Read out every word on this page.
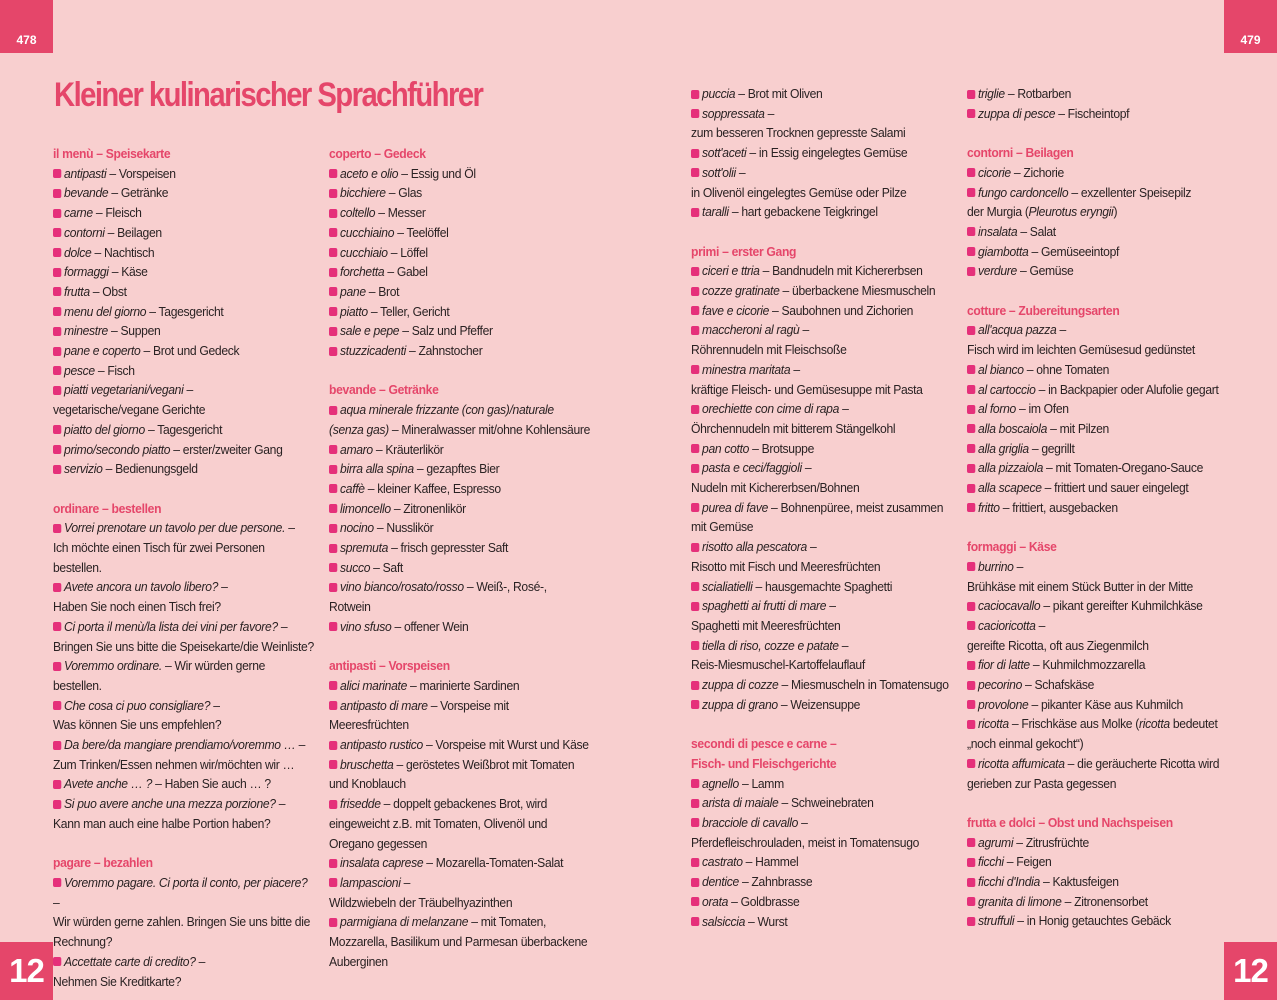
478	479
12	12
Kleiner kulinarischer Sprachführer
il menù – Speisekarte
antipasti – Vorspeisen
bevande – Getränke
carne – Fleisch
contorni – Beilagen
dolce – Nachtisch
formaggi – Käse
frutta – Obst
menu del giorno – Tagesgericht
minestre – Suppen
pane e coperto – Brot und Gedeck
pesce – Fisch
piatti vegetariani/vegani –
vegetarische/vegane Gerichte
piatto del giorno – Tagesgericht
primo/secondo piatto – erster/zweiter Gang
servizio – Bedienungsgeld
ordinare – bestellen
Vorrei prenotare un tavolo per due persone. –
Ich möchte einen Tisch für zwei Personen bestellen.
Avete ancora un tavolo libero? –
Haben Sie noch einen Tisch frei?
Ci porta il menù/la lista dei vini per favore? –
Bringen Sie uns bitte die Speisekarte/die Weinliste?
Voremmo ordinare. – Wir würden gerne bestellen.
Che cosa ci puo consigliare? –
Was können Sie uns empfehlen?
Da bere/da mangiare prendiamo/voremmo … –
Zum Trinken/Essen nehmen wir/möchten wir …
Avete anche … ? – Haben Sie auch … ?
Si puo avere anche una mezza porzione? –
Kann man auch eine halbe Portion haben?
pagare – bezahlen
Voremmo pagare. Ci porta il conto, per piacere? –
Wir würden gerne zahlen. Bringen Sie uns bitte die Rechnung?
Accettate carte di credito? –
Nehmen Sie Kreditkarte?
coperto – Gedeck
aceto e olio – Essig und Öl
bicchiere – Glas
coltello – Messer
cucchiaino – Teelöffel
cucchiaio – Löffel
forchetta – Gabel
pane – Brot
piatto – Teller, Gericht
sale e pepe – Salz und Pfeffer
stuzzicadenti – Zahnstocher
bevande – Getränke
aqua minerale frizzante (con gas)/naturale (senza gas) – Mineralwasser mit/ohne Kohlensäure
amaro – Kräuterlikör
birra alla spina – gezapftes Bier
caffè – kleiner Kaffee, Espresso
limoncello – Zitronenlikör
nocino – Nusslikör
spremuta – frisch gepresster Saft
succo – Saft
vino bianco/rosato/rosso – Weiß-, Rosé-, Rotwein
vino sfuso – offener Wein
antipasti – Vorspeisen
alici marinate – marinierte Sardinen
antipasto di mare – Vorspeise mit Meeresfrüchten
antipasto rustico – Vorspeise mit Wurst und Käse
bruschetta – geröstetes Weißbrot mit Tomaten und Knoblauch
frisedde – doppelt gebackenes Brot, wird eingeweicht z.B. mit Tomaten, Olivenöl und Oregano gegessen
insalata caprese – Mozarella-Tomaten-Salat
lampascioni –
Wildzwiebeln der Träubelhyazinthen
parmigiana di melanzane – mit Tomaten, Mozzarella, Basilikum und Parmesan überbackene Auberginen
puccia – Brot mit Oliven
soppressata –
zum besseren Trocknen gepresste Salami
sott'aceti – in Essig eingelegtes Gemüse
sott'olii –
in Olivenöl eingelegtes Gemüse oder Pilze
taralli – hart gebackene Teigkringel
primi – erster Gang
ciceri e ttria – Bandnudeln mit Kichererbsen
cozze gratinate – überbackene Miesmuscheln
fave e cicorie – Saubohnen und Zichorien
maccheroni al ragù –
Röhrennudeln mit Fleischsoße
minestra maritata –
kräftige Fleisch- und Gemüsesuppe mit Pasta
orechiette con cime di rapa –
Öhrchennudeln mit bitterem Stängelkohl
pan cotto – Brotsuppe
pasta e ceci/faggioli –
Nudeln mit Kichererbsen/Bohnen
purea di fave – Bohnenpüree, meist zusammen mit Gemüse
risotto alla pescatora –
Risotto mit Fisch und Meeresfrüchten
scialiatielli – hausgemachte Spaghetti
spaghetti ai frutti di mare –
Spaghetti mit Meeresfrüchten
tiella di riso, cozze e patate –
Reis-Miesmuschel-Kartoffelauflauf
zuppa di cozze – Miesmuscheln in Tomatensugo
zuppa di grano – Weizensuppe
secondi di pesce e carne –
Fisch- und Fleischgerichte
agnello – Lamm
arista di maiale – Schweinebraten
bracciole di cavallo –
Pferdefleischrouladen, meist in Tomatensugo
castrato – Hammel
dentice – Zahnbrasse
orata – Goldbrasse
salsiccia – Wurst
triglie – Rotbarben
zuppa di pesce – Fischeintopf
contorni – Beilagen
cicorie – Zichorie
fungo cardoncello – exzellenter Speisepilz
der Murgia (Pleurotus eryngii)
insalata – Salat
giambotta – Gemüseeintopf
verdure – Gemüse
cotture – Zubereitungsarten
all'acqua pazza –
Fisch wird im leichten Gemüsesud gedünstet
al bianco – ohne Tomaten
al cartoccio – in Backpapier oder Alufolie gegart
al forno – im Ofen
alla boscaiola – mit Pilzen
alla griglia – gegrillt
alla pizzaiola – mit Tomaten-Oregano-Sauce
alla scapece – frittiert und sauer eingelegt
fritto – frittiert, ausgebacken
formaggi – Käse
burrino –
Brühkäse mit einem Stück Butter in der Mitte
caciocavallo – pikant gereifter Kuhmilchkäse
cacioricotta –
gereifte Ricotta, oft aus Ziegenmilch
fior di latte – Kuhmilchmozzarella
pecorino – Schafskäse
provolone – pikanter Käse aus Kuhmilch
ricotta – Frischkäse aus Molke (ricotta bedeutet „noch einmal gekocht“)
ricotta affumicata – die geräucherte Ricotta wird gerieben zur Pasta gegessen
frutta e dolci – Obst und Nachspeisen
agrumi – Zitrusfrüchte
ficchi – Feigen
ficchi d'India – Kaktusfeigen
granita di limone – Zitronensorbet
struffuli – in Honig getauchtes Gebäck
